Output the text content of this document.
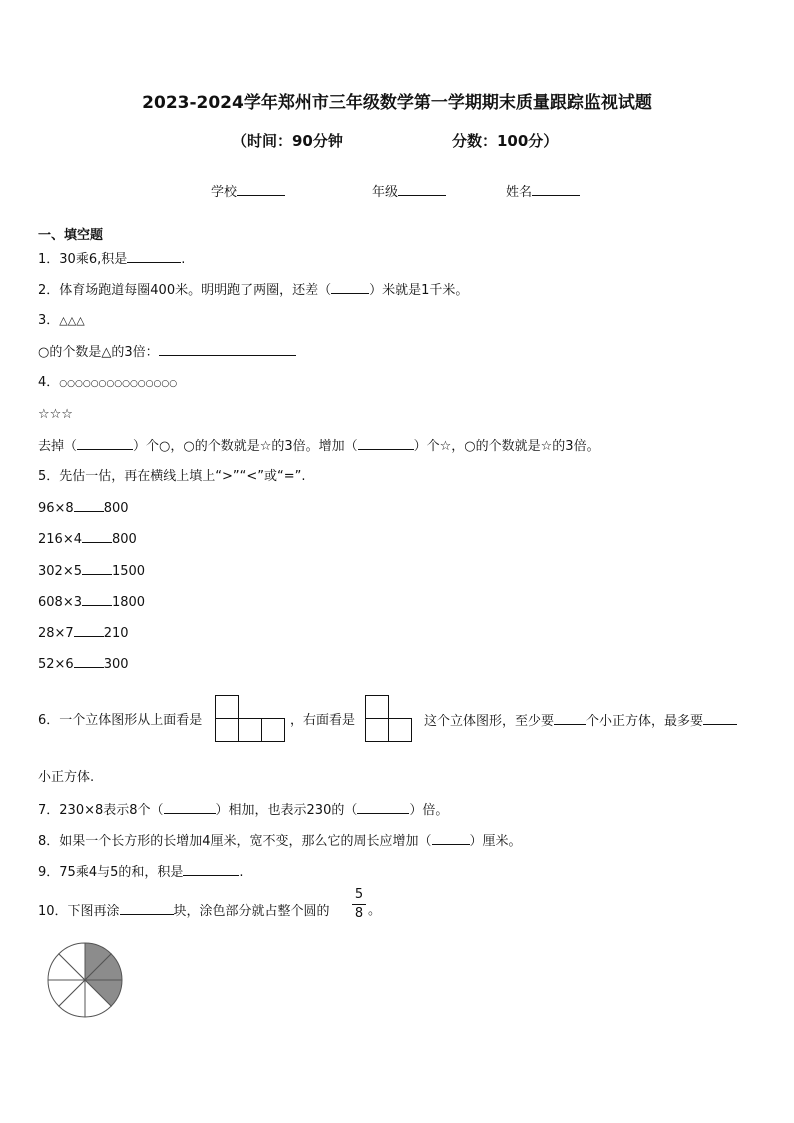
2023-2024学年郑州市三年级数学第一学期期末质量跟踪监视试题
（时间：90分钟	分数：100分）
学校	年级	姓名
一、填空题
1．30乘6,积是	.
2．体育场跑道每圈400米。明明跑了两圈，还差（	）米就是1千米。
3．△△△
○的个数是△的3倍：
4．○○○○○○○○○○○○○○○
☆☆☆
去掉（	）个○，○的个数就是☆的3倍。增加（	）个☆，○的个数就是☆的3倍。
5．先估一估，再在横线上填上“>”“<”或“=”.
96×8 800
216×4 800
302×5 1500
608×3 1800
28×7 210
52×6 300
6．一个立体图形从上面看是	，右面看是	这个立体图形，至少要 个小正方体，最多要
小正方体.
7．230×8表示8个（	）相加，也表示230的（	）倍。
8．如果一个长方形的长增加4厘米，宽不变，那么它的周长应增加（	）厘米。
9．75乘4与5的和，积是	.
10．下图再涂	块，涂色部分就占整个圆的
5
8 。
